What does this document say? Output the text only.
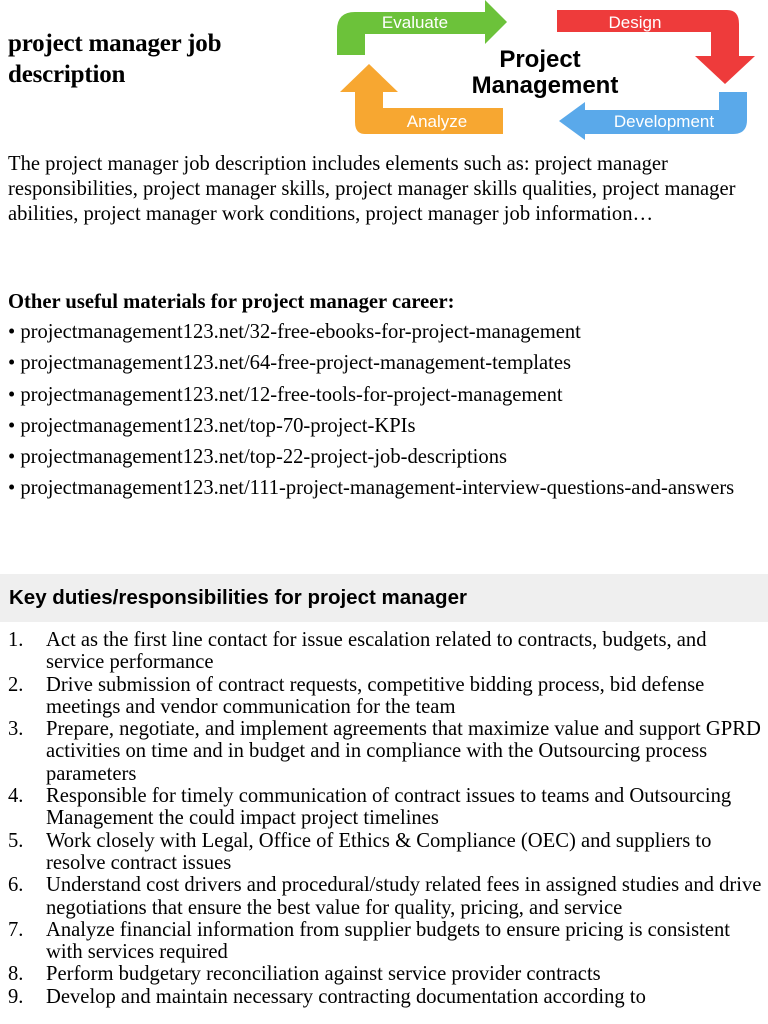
project manager job description
Evaluate	Design
Development
Analyze
Project
Management
The project manager job description includes elements such as: project manager responsibilities, project manager skills, project manager skills qualities, project manager abilities, project manager work conditions, project manager job information…
Other useful materials for project manager career:
• projectmanagement123.net/32-free-ebooks-for-project-management
• projectmanagement123.net/64-free-project-management-templates
• projectmanagement123.net/12-free-tools-for-project-management
• projectmanagement123.net/top-70-project-KPIs
• projectmanagement123.net/top-22-project-job-descriptions
• projectmanagement123.net/111-project-management-interview-questions-and-answers
Key duties/responsibilities for project manager
1. Act as the first line contact for issue escalation related to contracts, budgets, and service performance
2. Drive submission of contract requests, competitive bidding process, bid defense meetings and vendor communication for the team
3. Prepare, negotiate, and implement agreements that maximize value and support GPRD activities on time and in budget and in compliance with the Outsourcing process parameters
4. Responsible for timely communication of contract issues to teams and Outsourcing Management the could impact project timelines
5. Work closely with Legal, Office of Ethics & Compliance (OEC) and suppliers to resolve contract issues
6. Understand cost drivers and procedural/study related fees in assigned studies and drive negotiations that ensure the best value for quality, pricing, and service
7. Analyze financial information from supplier budgets to ensure pricing is consistent with services required
8. Perform budgetary reconciliation against service provider contracts
9. Develop and maintain necessary contracting documentation according to
